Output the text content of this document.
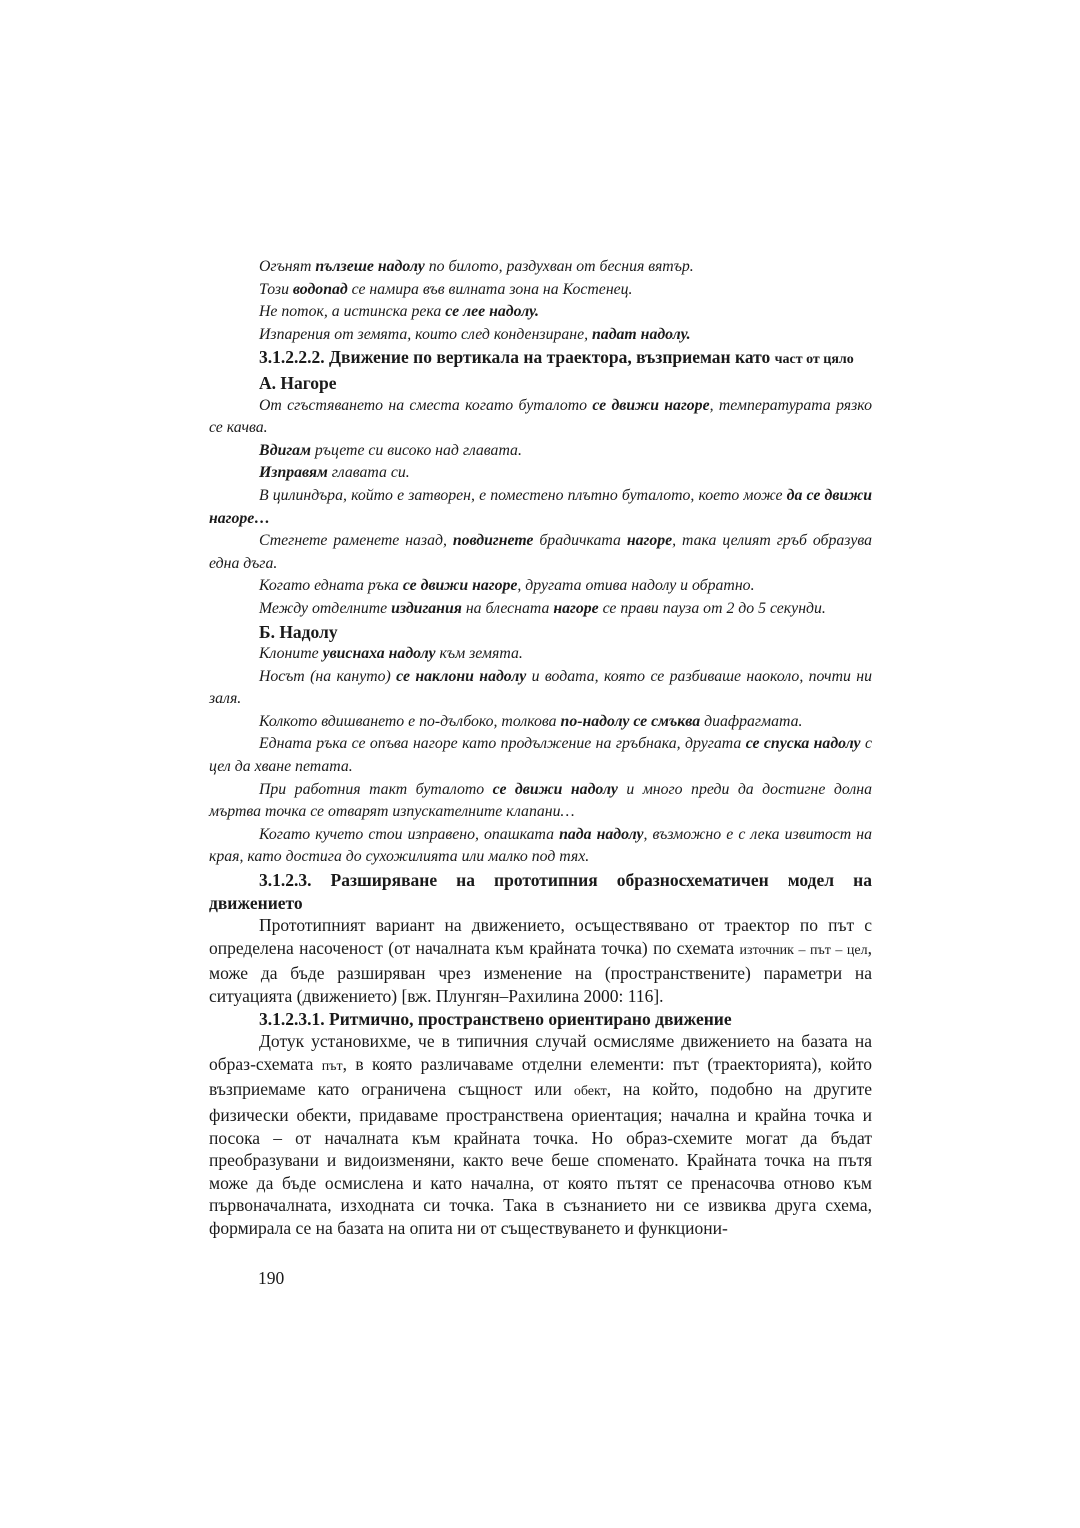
Огънят пълзеше надолу по билото, раздухван от бесния вятър.

Този водопад се намира във вилната зона на Костенец.

Не поток, а истинска река се лее надолу.

Изпарения от земята, които след кондензиране, падат надолу.

3.1.2.2.2. Движение по вертикала на траектора, възприеман като част от цяло

А. Нагоре

От сгъстяването на сместа когато буталото се движи нагоре, температурата рязко се качва.

Вдигам ръцете си високо над главата.

Изправям главата си.

В цилиндъра, който е затворен, е поместено плътно буталото, което може да се движи нагоре…

Стегнете раменете назад, повдигнете брадичката нагоре, така целият гръб образува една дъга.

Когато едната ръка се движи нагоре, другата отива надолу и обратно.

Между отделните издигания на блесната нагоре се прави пауза от 2 до 5 секунди.

Б. Надолу

Клоните увиснаха надолу към земята.

Носът (на кануто) се наклони надолу и водата, която се разбиваше наоколо, почти ни заля.

Колкото вдишването е по-дълбоко, толкова по-надолу се смъква диафрагмата.

Едната ръка се опъва нагоре като продължение на гръбнака, другата се спуска надолу с цел да хване петата.

При работния такт буталото се движи надолу и много преди да достигне долна мъртва точка се отварят изпускателните клапани…

Когато кучето стои изправено, опашката пада надолу, възможно е с лека извитост на края, като достига до сухожилията или малко под тях.

3.1.2.3. Разширяване на прототипния образносхематичен модел на движението

Прототипният вариант на движението, осъществявано от траектор по път с определена насоченост (от началната към крайната точка) по схемата източник – път – цел, може да бъде разширяван чрез изменение на (пространствените) параметри на ситуацията (движението) [вж. Плунгян–Рахилина 2000: 116].

3.1.2.3.1. Ритмично, пространствено ориентирано движение

Дотук установихме, че в типичния случай осмисляме движението на базата на образ-схемата път, в която различаваме отделни елементи: път (траекторията), който възприемаме като ограничена същност или обект, на който, подобно на другите физически обекти, придаваме пространствена ориентация; начална и крайна точка и посока – от началната към крайната точка. Но образ-схемите могат да бъдат преобразувани и видоизменяни, както вече беше споменато. Крайната точка на пътя може да бъде осмислена и като начална, от която пътят се пренасочва отново към първоначалната, изходната си точка. Така в съзнанието ни се извиква друга схема, формирала се на базата на опита ни от съществуването и функциони-

190
